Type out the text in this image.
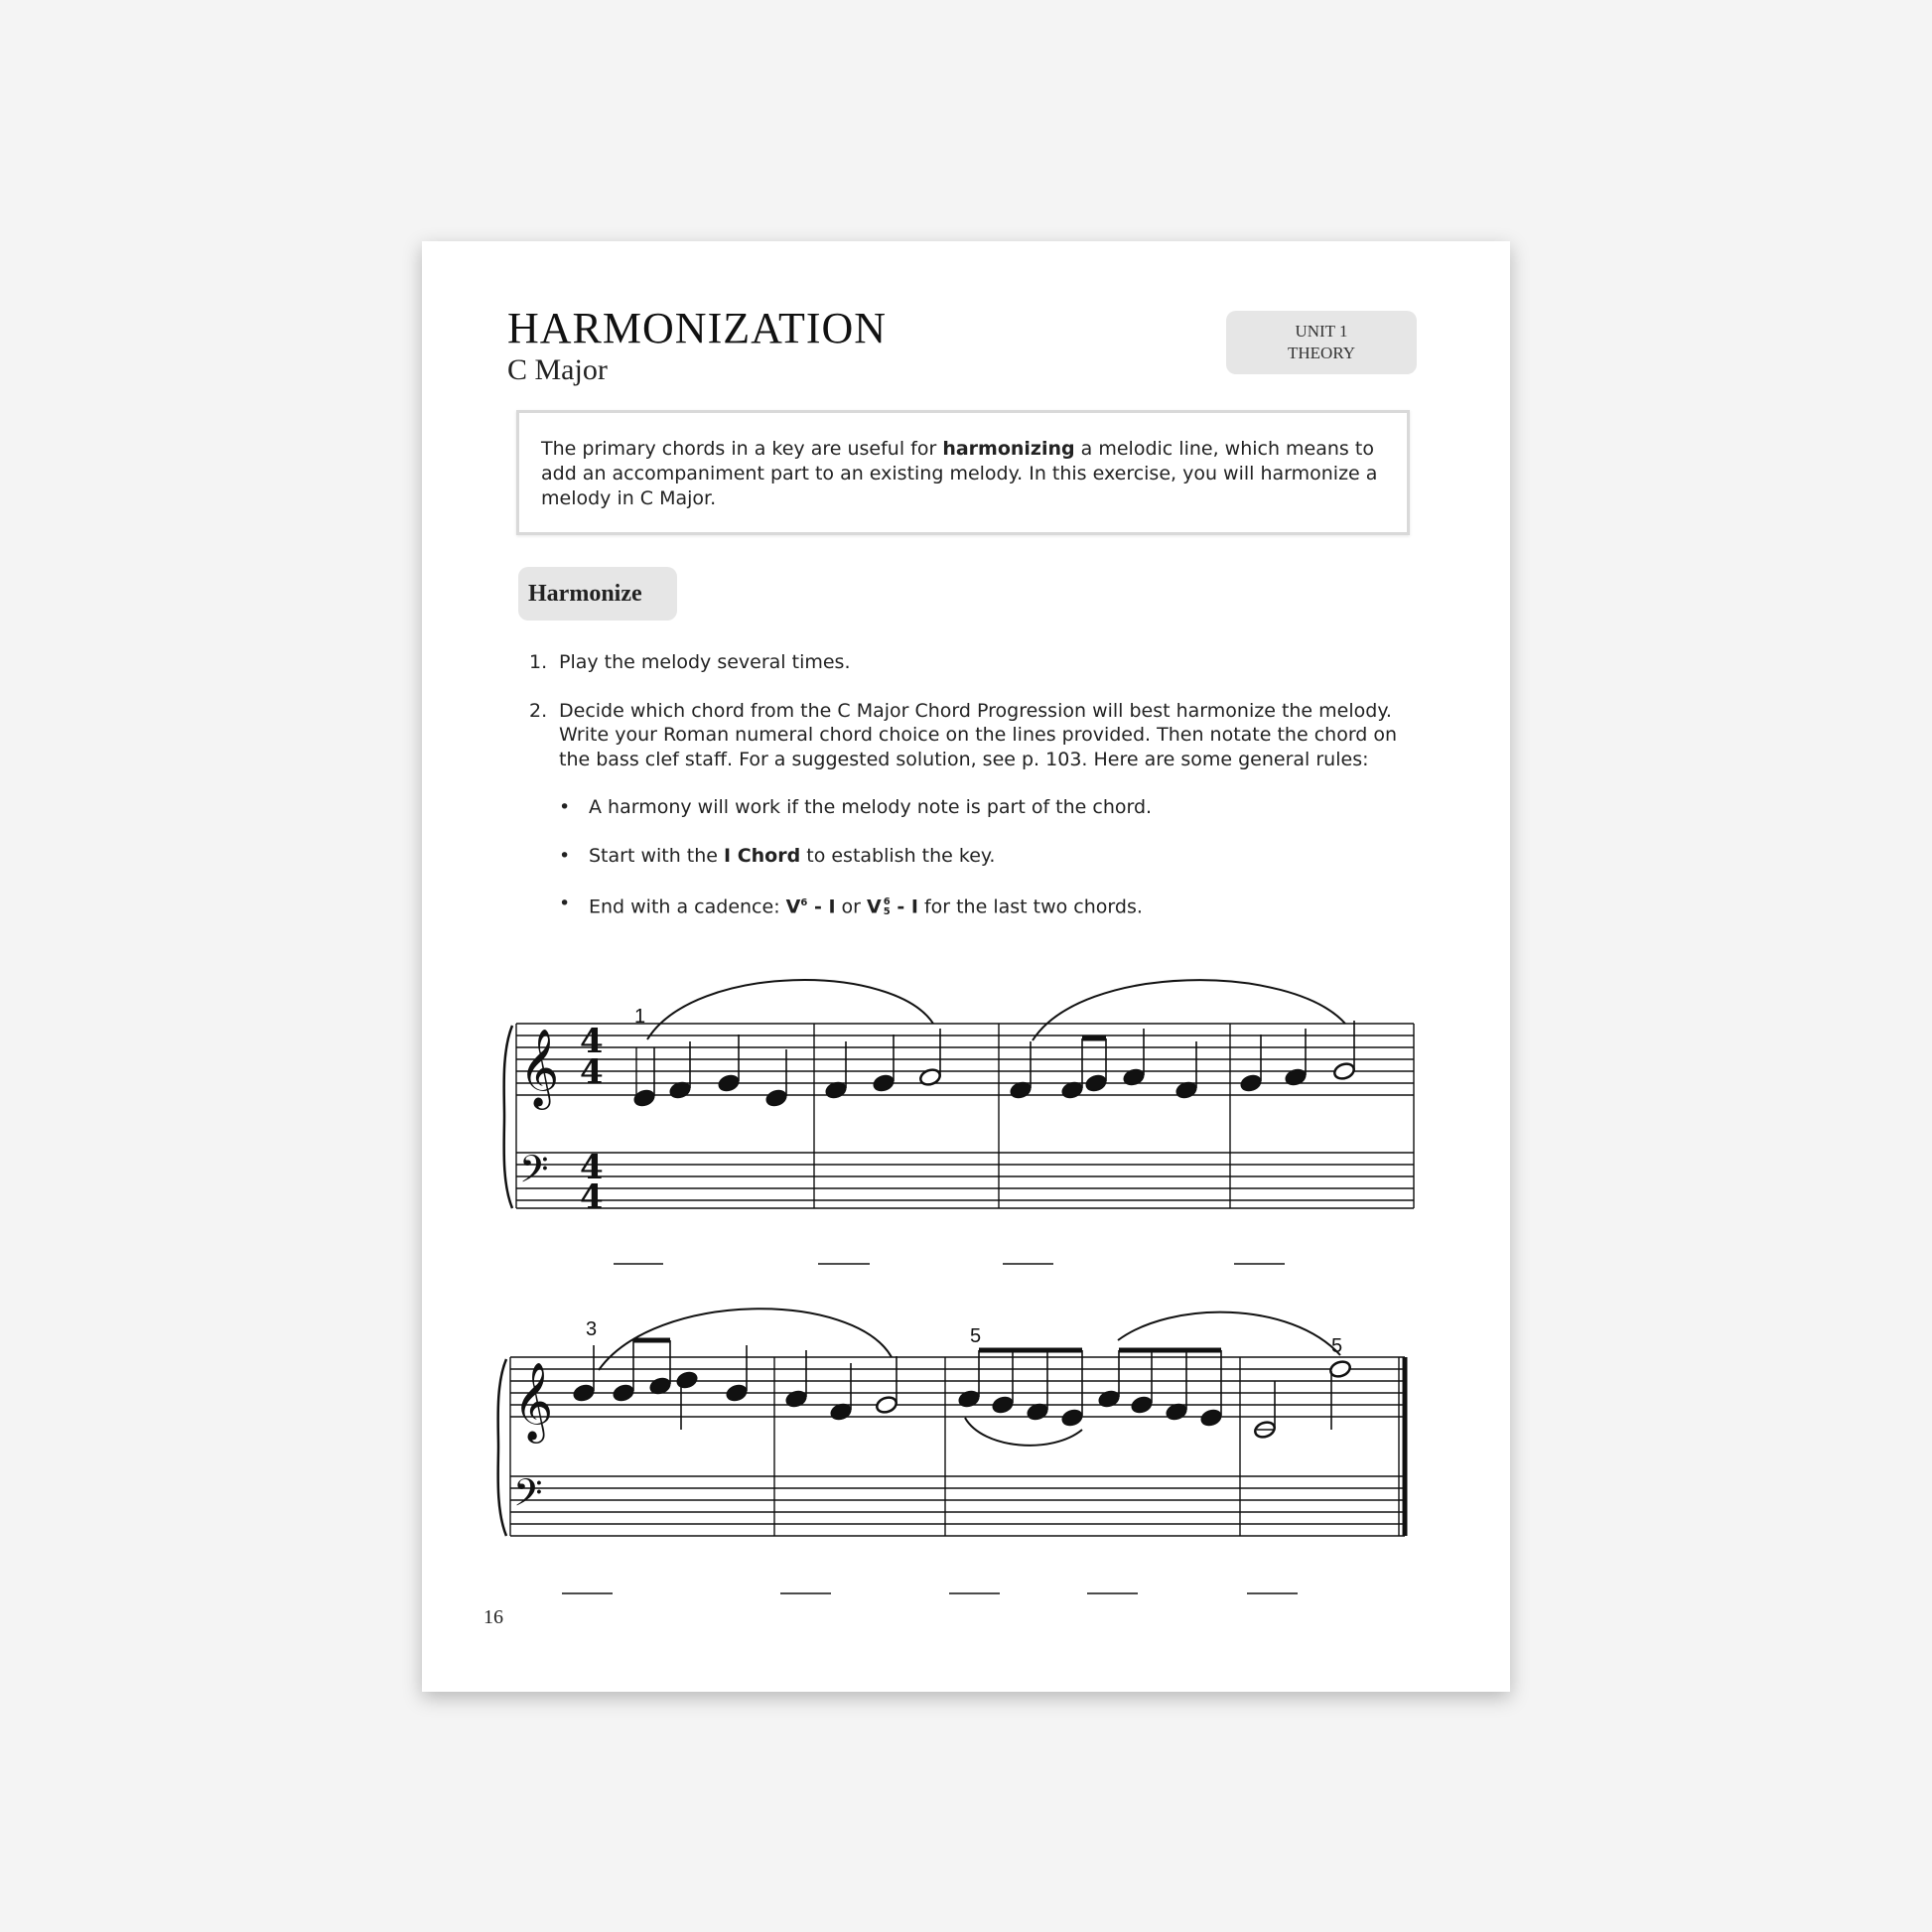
HARMONIZATION
C Major
UNIT 1
THEORY
The primary chords in a key are useful for harmonizing a melodic line, which means to add an accompaniment part to an existing melody. In this exercise, you will harmonize a melody in C Major.
Harmonize
1. Play the melody several times.
2. Decide which chord from the C Major Chord Progression will best harmonize the melody. Write your Roman numeral chord choice on the lines provided. Then notate the chord on the bass clef staff. For a suggested solution, see p. 103. Here are some general rules:
• A harmony will work if the melody note is part of the chord.
• Start with the I Chord to establish the key.
• End with a cadence: $V^6$ - I or V 6
5 - I for the last two chords.
16
𝄞
𝄢
4
4
4
4
𝄞
𝄢
1
3	5	5
